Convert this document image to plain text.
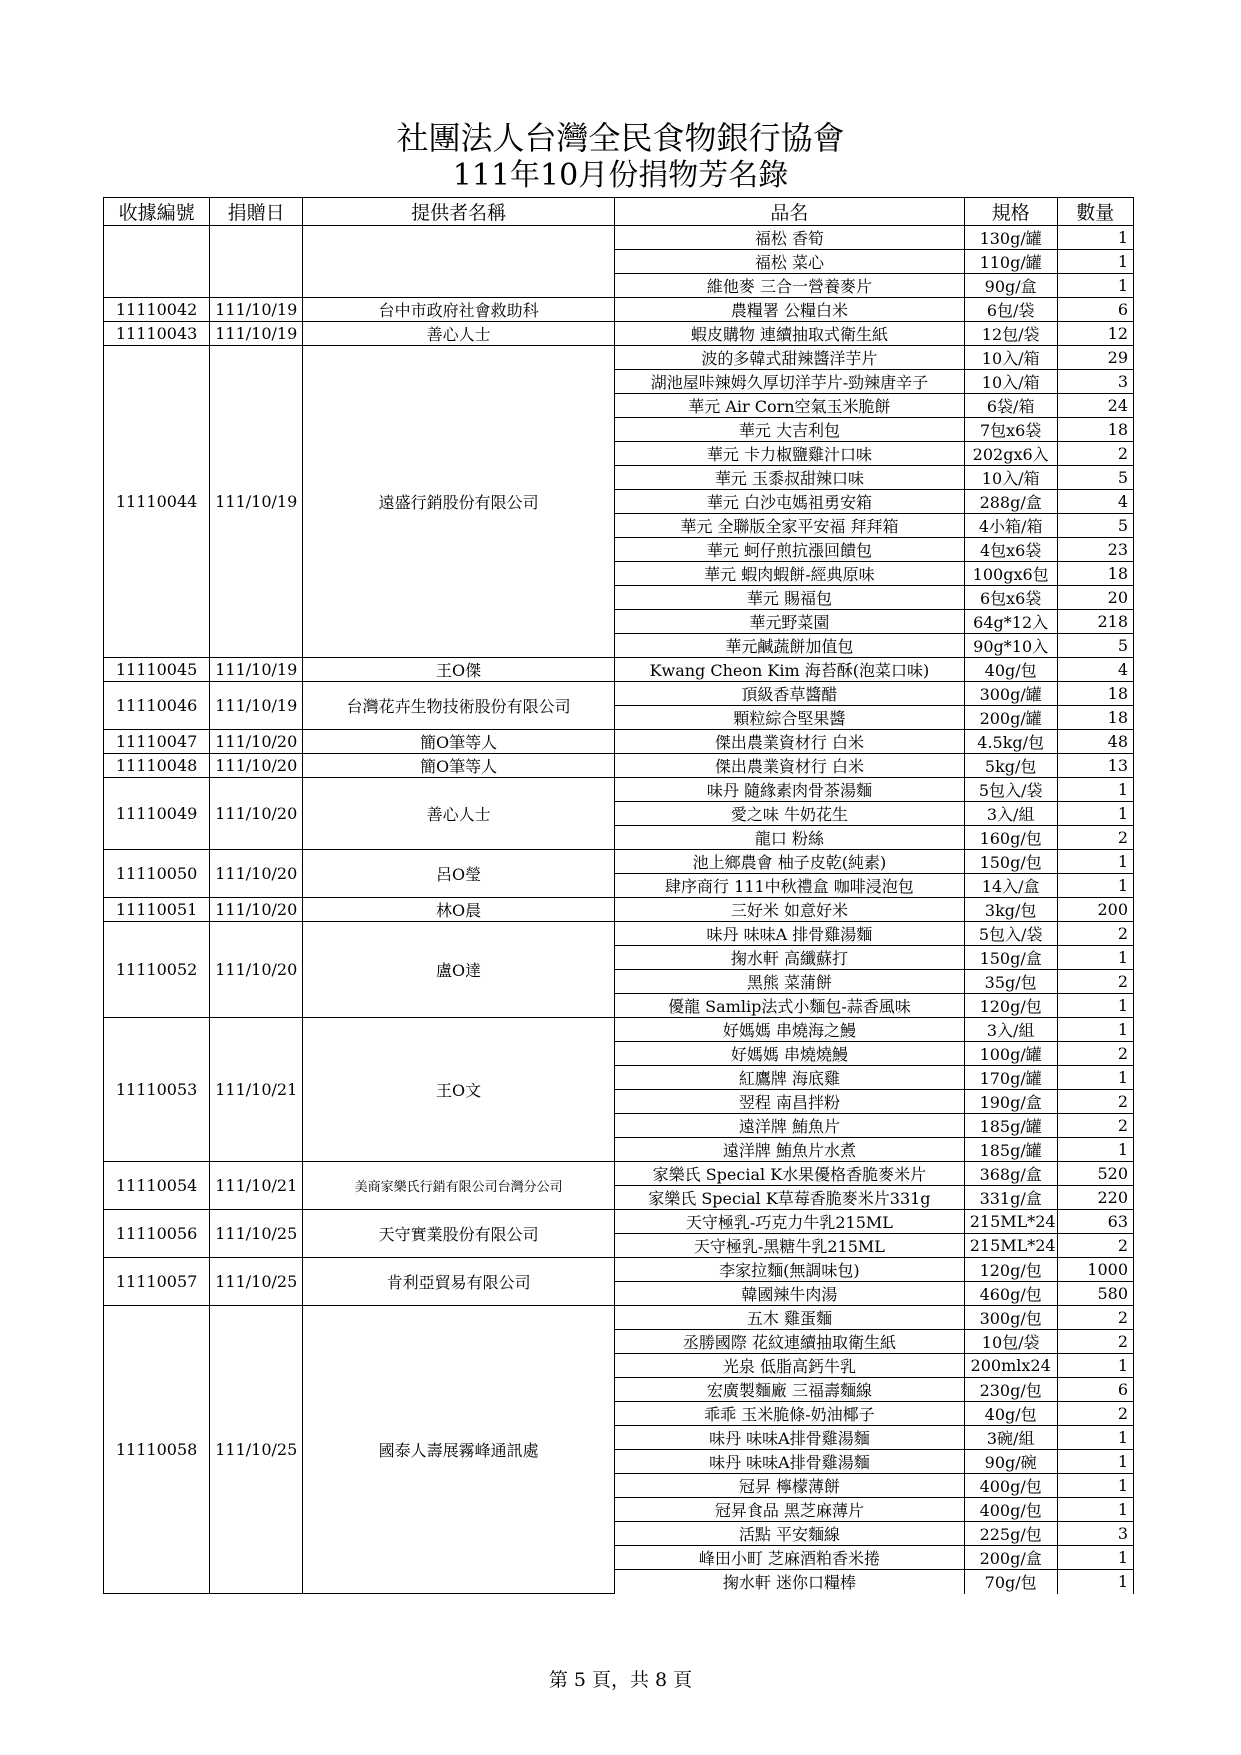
社團法人台灣全民食物銀行協會
111年10月份捐物芳名錄
收據編號	捐贈日	提供者名稱	品名	規格	數量
			福松 香筍	130g/罐	1
			福松 菜心	110g/罐	1
			維他麥 三合一營養麥片	90g/盒	1
11110042	111/10/19	台中市政府社會救助科	農糧署 公糧白米	6包/袋	6
11110043	111/10/19	善心人士	蝦皮購物 連續抽取式衛生紙	12包/袋	12
11110044	111/10/19	遠盛行銷股份有限公司	波的多韓式甜辣醬洋芋片	10入/箱	29
			湖池屋咔辣姆久厚切洋芋片-勁辣唐辛子	10入/箱	3
			華元 Air Corn空氣玉米脆餅	6袋/箱	24
			華元 大吉利包	7包x6袋	18
			華元 卡力椒鹽雞汁口味	202gx6入	2
			華元 玉黍叔甜辣口味	10入/箱	5
			華元 白沙屯媽祖勇安箱	288g/盒	4
			華元 全聯版全家平安福 拜拜箱	4小箱/箱	5
			華元 蚵仔煎抗漲回饋包	4包x6袋	23
			華元 蝦肉蝦餅-經典原味	100gx6包	18
			華元 賜福包	6包x6袋	20
			華元野菜園	64g*12入	218
			華元鹹蔬餅加值包	90g*10入	5
11110045	111/10/19	王O傑	Kwang Cheon Kim 海苔酥(泡菜口味)	40g/包	4
11110046	111/10/19	台灣花卉生物技術股份有限公司	頂級香草醬醋	300g/罐	18
			顆粒綜合堅果醬	200g/罐	18
11110047	111/10/20	簡O筆等人	傑出農業資材行 白米	4.5kg/包	48
11110048	111/10/20	簡O筆等人	傑出農業資材行 白米	5kg/包	13
11110049	111/10/20	善心人士	味丹 隨緣素肉骨茶湯麵	5包入/袋	1
			愛之味 牛奶花生	3入/組	1
			龍口 粉絲	160g/包	2
11110050	111/10/20	呂O瑩	池上鄉農會 柚子皮乾(純素)	150g/包	1
			肆序商行 111中秋禮盒 咖啡浸泡包	14入/盒	1
11110051	111/10/20	林O晨	三好米 如意好米	3kg/包	200
11110052	111/10/20	盧O達	味丹 味味A 排骨雞湯麵	5包入/袋	2
			掬水軒 高纖蘇打	150g/盒	1
			黑熊 菜蒲餅	35g/包	2
			優龍 Samlip法式小麵包-蒜香風味	120g/包	1
11110053	111/10/21	王O文	好媽媽 串燒海之鰻	3入/組	1
			好媽媽 串燒燒鰻	100g/罐	2
			紅鷹牌 海底雞	170g/罐	1
			翌程 南昌拌粉	190g/盒	2
			遠洋牌 鮪魚片	185g/罐	2
			遠洋牌 鮪魚片水煮	185g/罐	1
11110054	111/10/21	美商家樂氏行銷有限公司台灣分公司	家樂氏 Special K水果優格香脆麥米片	368g/盒	520
			家樂氏 Special K草莓香脆麥米片331g	331g/盒	220
11110056	111/10/25	天守實業股份有限公司	天守極乳-巧克力牛乳215ML	215ML*24	63
			天守極乳-黑糖牛乳215ML	215ML*24	2
11110057	111/10/25	肯利亞貿易有限公司	李家拉麵(無調味包)	120g/包	1000
			韓國辣牛肉湯	460g/包	580
11110058	111/10/25	國泰人壽展霧峰通訊處	五木 雞蛋麵	300g/包	2
			丞勝國際 花紋連續抽取衛生紙	10包/袋	2
			光泉 低脂高鈣牛乳	200mlx24	1
			宏廣製麵廠 三福壽麵線	230g/包	6
			乖乖 玉米脆條-奶油椰子	40g/包	2
			味丹 味味A排骨雞湯麵	3碗/組	1
			味丹 味味A排骨雞湯麵	90g/碗	1
			冠昇 檸檬薄餅	400g/包	1
			冠昇食品 黑芝麻薄片	400g/包	1
			活點 平安麵線	225g/包	3
			峰田小町 芝麻酒粕香米捲	200g/盒	1
			掬水軒 迷你口糧棒	70g/包	1
第 5 頁，共 8 頁
